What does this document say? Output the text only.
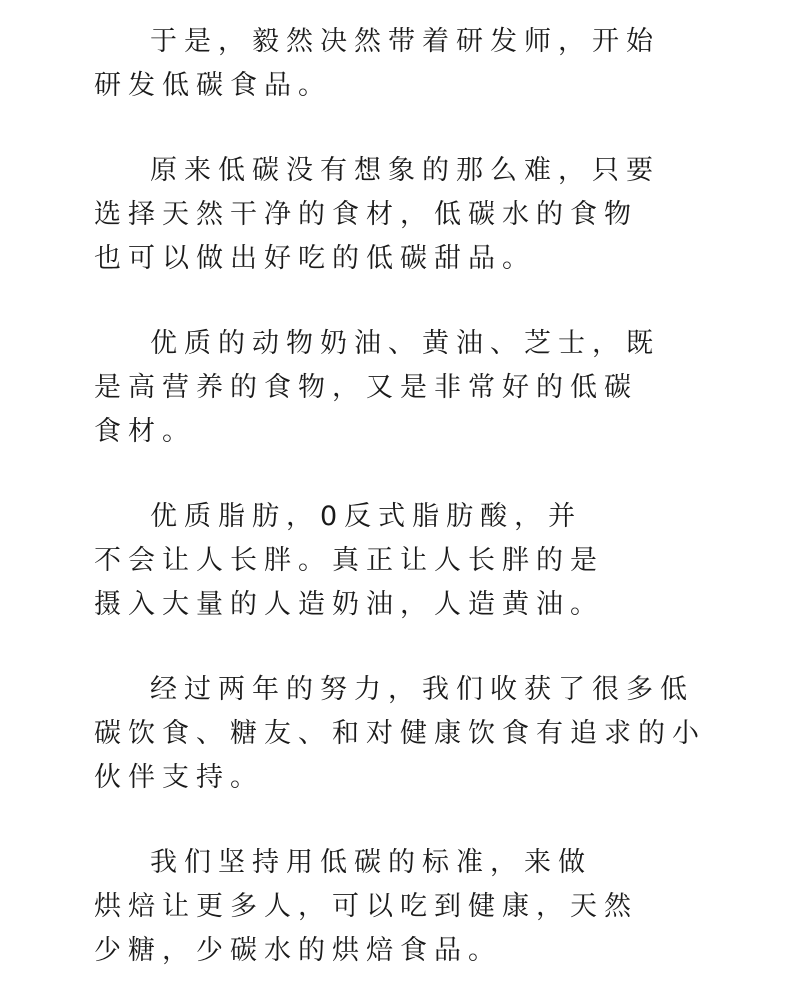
于是，毅然决然带着研发师，开始
研发低碳食品。
原来低碳没有想象的那么难，只要
选择天然干净的食材，低碳水的食物
也可以做出好吃的低碳甜品。
优质的动物奶油、黄油、芝士，既
是高营养的食物，又是非常好的低碳
食材。
优质脂肪，0反式脂肪酸，并
不会让人长胖。真正让人长胖的是
摄入大量的人造奶油，人造黄油。
经过两年的努力，我们收获了很多低
碳饮食、糖友、和对健康饮食有追求的小
伙伴支持。
我们坚持用低碳的标准，来做
烘焙让更多人，可以吃到健康，天然
少糖，少碳水的烘焙食品。
